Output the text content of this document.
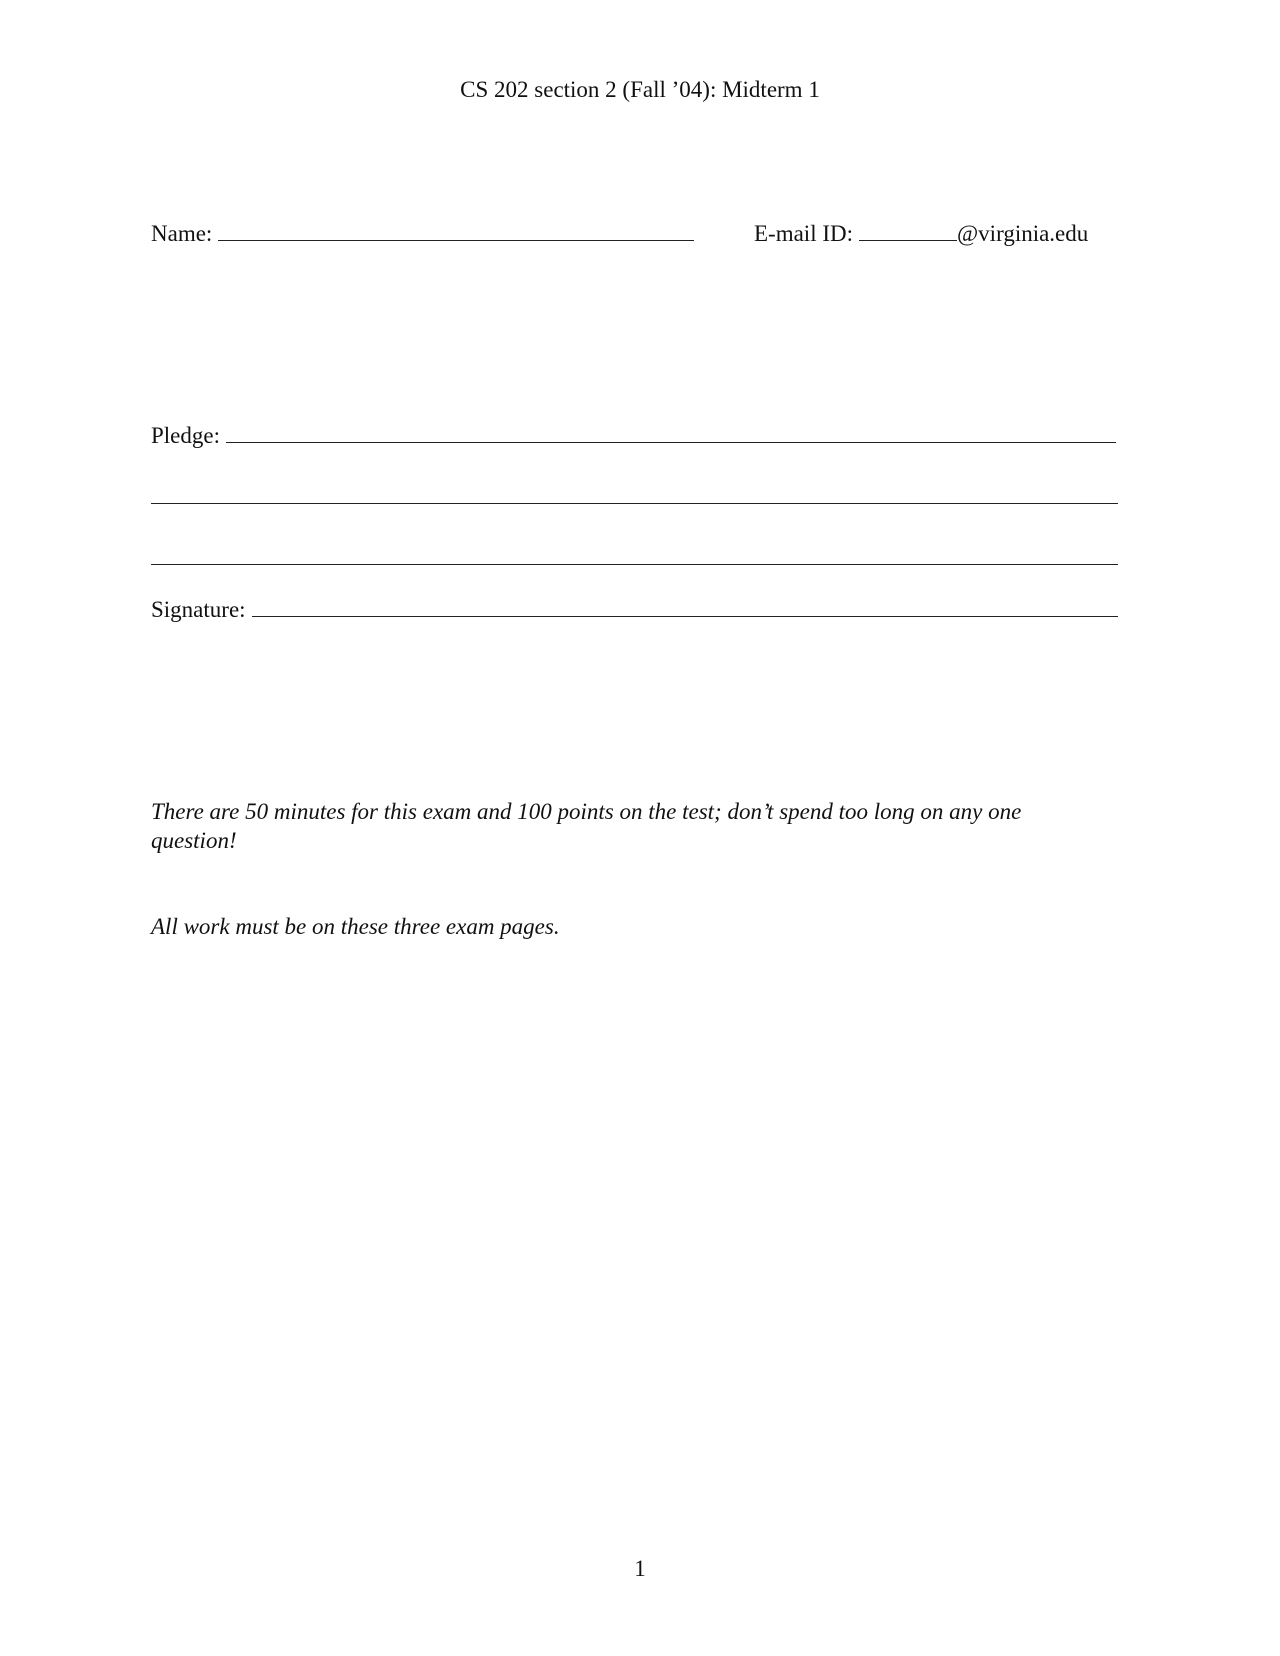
CS 202 section 2 (Fall ’04): Midterm 1
Name:	E-mail ID:	@virginia.edu
Pledge:
Signature:
There are 50 minutes for this exam and 100 points on the test; don’t spend too long on any one
question!
All work must be on these three exam pages.
1
